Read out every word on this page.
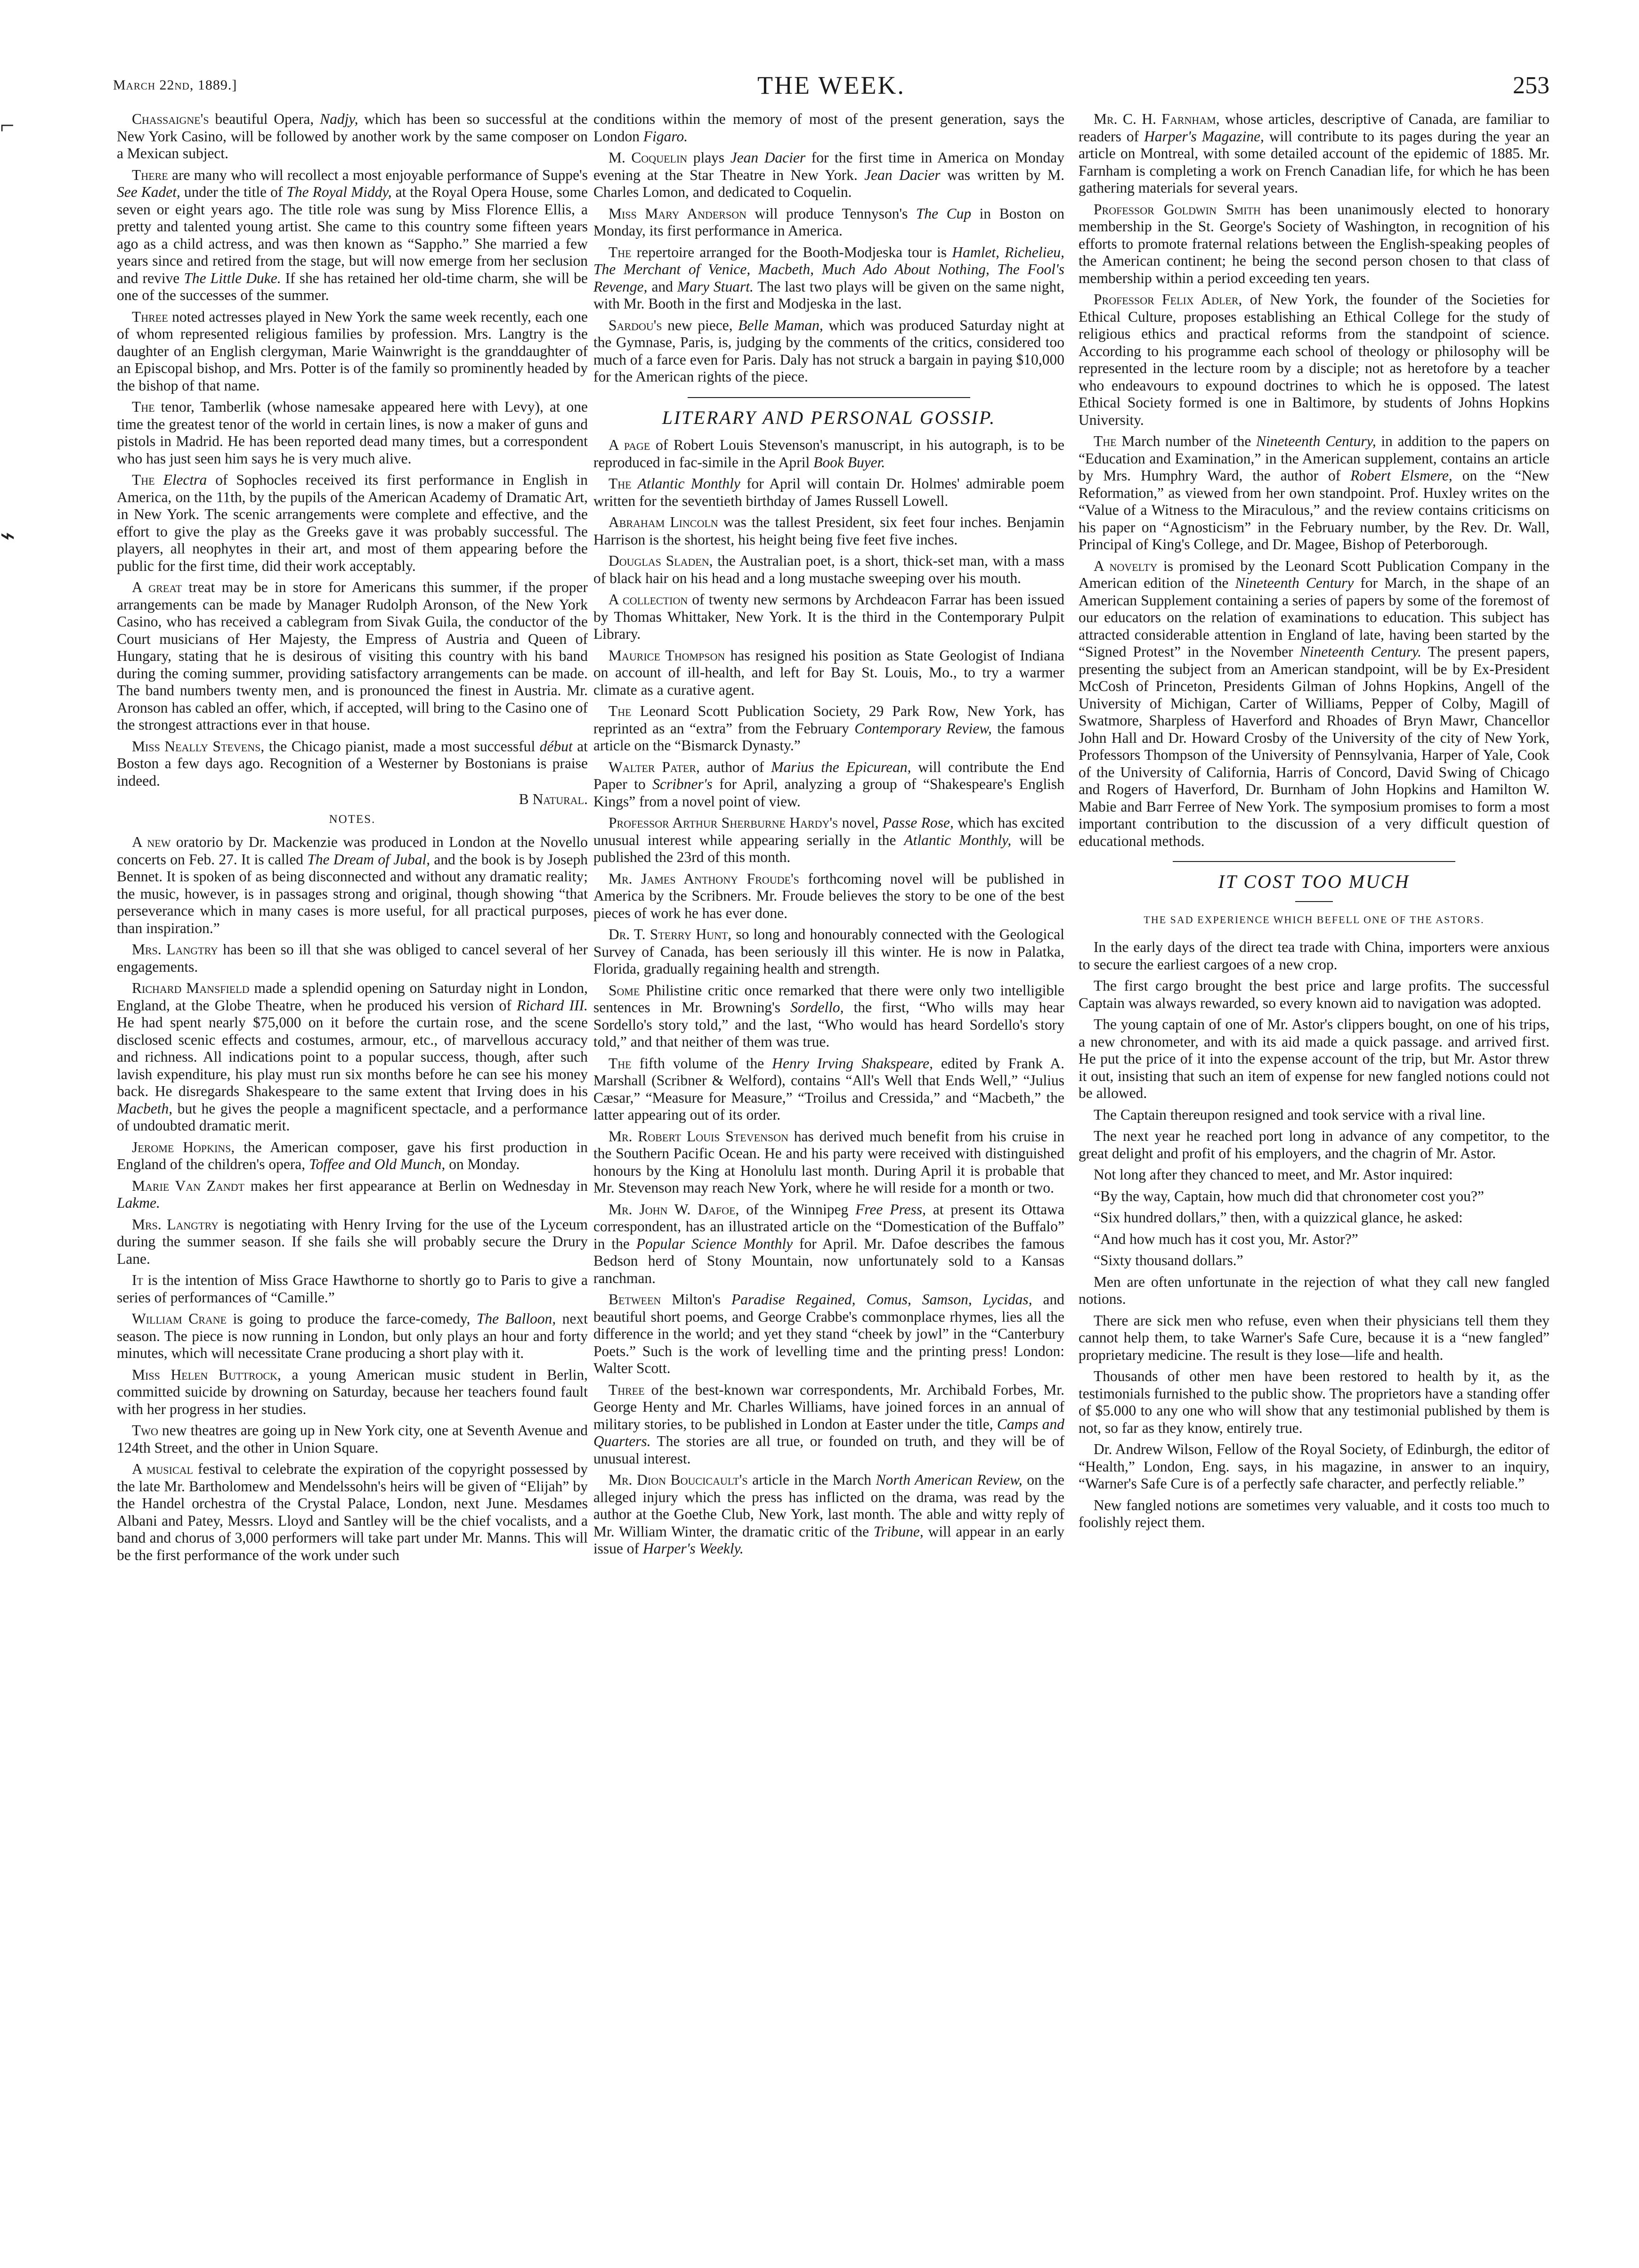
March 22nd, 1889.]	THE WEEK.	253
⌐
⌁

Chassaigne's beautiful Opera, Nadjy, which has been so successful at the New York Casino, will be followed by another work by the same composer on a Mexican subject.

There are many who will recollect a most enjoyable performance of Suppe's See Kadet, under the title of The Royal Middy, at the Royal Opera House, some seven or eight years ago. The title role was sung by Miss Florence Ellis, a pretty and talented young artist. She came to this country some fifteen years ago as a child actress, and was then known as “Sappho.” She married a few years since and retired from the stage, but will now emerge from her seclusion and revive The Little Duke. If she has retained her old-time charm, she will be one of the successes of the summer.

Three noted actresses played in New York the same week recently, each one of whom represented religious families by profession. Mrs. Langtry is the daughter of an English clergyman, Marie Wainwright is the granddaughter of an Episcopal bishop, and Mrs. Potter is of the family so prominently headed by the bishop of that name.

The tenor, Tamberlik (whose namesake appeared here with Levy), at one time the greatest tenor of the world in certain lines, is now a maker of guns and pistols in Madrid. He has been reported dead many times, but a correspondent who has just seen him says he is very much alive.

The Electra of Sophocles received its first performance in English in America, on the 11th, by the pupils of the American Academy of Dramatic Art, in New York. The scenic arrangements were complete and effective, and the effort to give the play as the Greeks gave it was probably successful. The players, all neophytes in their art, and most of them appearing before the public for the first time, did their work acceptably.

A great treat may be in store for Americans this summer, if the proper arrangements can be made by Manager Rudolph Aronson, of the New York Casino, who has received a cablegram from Sivak Guila, the conductor of the Court musicians of Her Majesty, the Empress of Austria and Queen of Hungary, stating that he is desirous of visiting this country with his band during the coming summer, providing satisfactory arrangements can be made. The band numbers twenty men, and is pronounced the finest in Austria. Mr. Aronson has cabled an offer, which, if accepted, will bring to the Casino one of the strongest attractions ever in that house.

Miss Neally Stevens, the Chicago pianist, made a most successful début at Boston a few days ago. Recognition of a Westerner by Bostonians is praise indeed.

B Natural.
NOTES.

A new oratorio by Dr. Mackenzie was produced in London at the Novello concerts on Feb. 27. It is called The Dream of Jubal, and the book is by Joseph Bennet. It is spoken of as being disconnected and without any dramatic reality; the music, however, is in passages strong and original, though showing “that perseverance which in many cases is more useful, for all practical purposes, than inspiration.”

Mrs. Langtry has been so ill that she was obliged to cancel several of her engagements.

Richard Mansfield made a splendid opening on Saturday night in London, England, at the Globe Theatre, when he produced his version of Richard III. He had spent nearly $75,000 on it before the curtain rose, and the scene disclosed scenic effects and costumes, armour, etc., of marvellous accuracy and richness. All indications point to a popular success, though, after such lavish expenditure, his play must run six months before he can see his money back. He disregards Shakespeare to the same extent that Irving does in his Macbeth, but he gives the people a magnificent spectacle, and a performance of undoubted dramatic merit.

Jerome Hopkins, the American composer, gave his first production in England of the children's opera, Toffee and Old Munch, on Monday.

Marie Van Zandt makes her first appearance at Berlin on Wednesday in Lakme.

Mrs. Langtry is negotiating with Henry Irving for the use of the Lyceum during the summer season. If she fails she will probably secure the Drury Lane.

It is the intention of Miss Grace Hawthorne to shortly go to Paris to give a series of performances of “Camille.”

William Crane is going to produce the farce-comedy, The Balloon, next season. The piece is now running in London, but only plays an hour and forty minutes, which will necessitate Crane producing a short play with it.

Miss Helen Buttrock, a young American music student in Berlin, committed suicide by drowning on Saturday, because her teachers found fault with her progress in her studies.

Two new theatres are going up in New York city, one at Seventh Avenue and 124th Street, and the other in Union Square.

A musical festival to celebrate the expiration of the copyright possessed by the late Mr. Bartholomew and Mendelssohn's heirs will be given of “Elijah” by the Handel orchestra of the Crystal Palace, London, next June. Mesdames Albani and Patey, Messrs. Lloyd and Santley will be the chief vocalists, and a band and chorus of 3,000 performers will take part under Mr. Manns. This will be the first performance of the work under such

conditions within the memory of most of the present generation, says the London Figaro.

M. Coquelin plays Jean Dacier for the first time in America on Monday evening at the Star Theatre in New York. Jean Dacier was written by M. Charles Lomon, and dedicated to Coquelin.

Miss Mary Anderson will produce Tennyson's The Cup in Boston on Monday, its first performance in America.

The repertoire arranged for the Booth-Modjeska tour is Hamlet, Richelieu, The Merchant of Venice, Macbeth, Much Ado About Nothing, The Fool's Revenge, and Mary Stuart. The last two plays will be given on the same night, with Mr. Booth in the first and Modjeska in the last.

Sardou's new piece, Belle Maman, which was produced Saturday night at the Gymnase, Paris, is, judging by the comments of the critics, considered too much of a farce even for Paris. Daly has not struck a bargain in paying $10,000 for the American rights of the piece.

LITERARY AND PERSONAL GOSSIP.

A page of Robert Louis Stevenson's manuscript, in his autograph, is to be reproduced in fac-simile in the April Book Buyer.

The Atlantic Monthly for April will contain Dr. Holmes' admirable poem written for the seventieth birthday of James Russell Lowell.

Abraham Lincoln was the tallest President, six feet four inches. Benjamin Harrison is the shortest, his height being five feet five inches.

Douglas Sladen, the Australian poet, is a short, thick-set man, with a mass of black hair on his head and a long mustache sweeping over his mouth.

A collection of twenty new sermons by Archdeacon Farrar has been issued by Thomas Whittaker, New York. It is the third in the Contemporary Pulpit Library.

Maurice Thompson has resigned his position as State Geologist of Indiana on account of ill-health, and left for Bay St. Louis, Mo., to try a warmer climate as a curative agent.

The Leonard Scott Publication Society, 29 Park Row, New York, has reprinted as an “extra” from the February Contemporary Review, the famous article on the “Bismarck Dynasty.”

Walter Pater, author of Marius the Epicurean, will contribute the End Paper to Scribner's for April, analyzing a group of “Shakespeare's English Kings” from a novel point of view.

Professor Arthur Sherburne Hardy's novel, Passe Rose, which has excited unusual interest while appearing serially in the Atlantic Monthly, will be published the 23rd of this month.

Mr. James Anthony Froude's forthcoming novel will be published in America by the Scribners. Mr. Froude believes the story to be one of the best pieces of work he has ever done.

Dr. T. Sterry Hunt, so long and honourably connected with the Geological Survey of Canada, has been seriously ill this winter. He is now in Palatka, Florida, gradually regaining health and strength.

Some Philistine critic once remarked that there were only two intelligible sentences in Mr. Browning's Sordello, the first, “Who wills may hear Sordello's story told,” and the last, “Who would has heard Sordello's story told,” and that neither of them was true.

The fifth volume of the Henry Irving Shakspeare, edited by Frank A. Marshall (Scribner & Welford), contains “All's Well that Ends Well,” “Julius Cæsar,” “Measure for Measure,” “Troilus and Cressida,” and “Macbeth,” the latter appearing out of its order.

Mr. Robert Louis Stevenson has derived much benefit from his cruise in the Southern Pacific Ocean. He and his party were received with distinguished honours by the King at Honolulu last month. During April it is probable that Mr. Stevenson may reach New York, where he will reside for a month or two.

Mr. John W. Dafoe, of the Winnipeg Free Press, at present its Ottawa correspondent, has an illustrated article on the “Domestication of the Buffalo” in the Popular Science Monthly for April. Mr. Dafoe describes the famous Bedson herd of Stony Mountain, now unfortunately sold to a Kansas ranchman.

Between Milton's Paradise Regained, Comus, Samson, Lycidas, and beautiful short poems, and George Crabbe's commonplace rhymes, lies all the difference in the world; and yet they stand “cheek by jowl” in the “Canterbury Poets.” Such is the work of levelling time and the printing press! London: Walter Scott.

Three of the best-known war correspondents, Mr. Archibald Forbes, Mr. George Henty and Mr. Charles Williams, have joined forces in an annual of military stories, to be published in London at Easter under the title, Camps and Quarters. The stories are all true, or founded on truth, and they will be of unusual interest.

Mr. Dion Boucicault's article in the March North American Review, on the alleged injury which the press has inflicted on the drama, was read by the author at the Goethe Club, New York, last month. The able and witty reply of Mr. William Winter, the dramatic critic of the Tribune, will appear in an early issue of Harper's Weekly.

Mr. C. H. Farnham, whose articles, descriptive of Canada, are familiar to readers of Harper's Magazine, will contribute to its pages during the year an article on Montreal, with some detailed account of the epidemic of 1885. Mr. Farnham is completing a work on French Canadian life, for which he has been gathering materials for several years.

Professor Goldwin Smith has been unanimously elected to honorary membership in the St. George's Society of Washington, in recognition of his efforts to promote fraternal relations between the English-speaking peoples of the American continent; he being the second person chosen to that class of membership within a period exceeding ten years.

Professor Felix Adler, of New York, the founder of the Societies for Ethical Culture, proposes establishing an Ethical College for the study of religious ethics and practical reforms from the standpoint of science. According to his programme each school of theology or philosophy will be represented in the lecture room by a disciple; not as heretofore by a teacher who endeavours to expound doctrines to which he is opposed. The latest Ethical Society formed is one in Baltimore, by students of Johns Hopkins University.

The March number of the Nineteenth Century, in addition to the papers on “Education and Examination,” in the American supplement, contains an article by Mrs. Humphry Ward, the author of Robert Elsmere, on the “New Reformation,” as viewed from her own standpoint. Prof. Huxley writes on the “Value of a Witness to the Miraculous,” and the review contains criticisms on his paper on “Agnosticism” in the February number, by the Rev. Dr. Wall, Principal of King's College, and Dr. Magee, Bishop of Peterborough.

A novelty is promised by the Leonard Scott Publication Company in the American edition of the Nineteenth Century for March, in the shape of an American Supplement containing a series of papers by some of the foremost of our educators on the relation of examinations to education. This subject has attracted considerable attention in England of late, having been started by the “Signed Protest” in the November Nineteenth Century. The present papers, presenting the subject from an American standpoint, will be by Ex-President McCosh of Princeton, Presidents Gilman of Johns Hopkins, Angell of the University of Michigan, Carter of Williams, Pepper of Colby, Magill of Swatmore, Sharpless of Haverford and Rhoades of Bryn Mawr, Chancellor John Hall and Dr. Howard Crosby of the University of the city of New York, Professors Thompson of the University of Pennsylvania, Harper of Yale, Cook of the University of California, Harris of Concord, David Swing of Chicago and Rogers of Haverford, Dr. Burnham of John Hopkins and Hamilton W. Mabie and Barr Ferree of New York. The symposium promises to form a most important contribution to the discussion of a very difficult question of educational methods.

IT COST TOO MUCH
THE SAD EXPERIENCE WHICH BEFELL ONE OF THE ASTORS.

In the early days of the direct tea trade with China, importers were anxious to secure the earliest cargoes of a new crop.

The first cargo brought the best price and large profits. The successful Captain was always rewarded, so every known aid to navigation was adopted.

The young captain of one of Mr. Astor's clippers bought, on one of his trips, a new chronometer, and with its aid made a quick passage. and arrived first. He put the price of it into the expense account of the trip, but Mr. Astor threw it out, insisting that such an item of expense for new fangled notions could not be allowed.

The Captain thereupon resigned and took service with a rival line.

The next year he reached port long in advance of any competitor, to the great delight and profit of his employers, and the chagrin of Mr. Astor.

Not long after they chanced to meet, and Mr. Astor inquired:

“By the way, Captain, how much did that chronometer cost you?”

“Six hundred dollars,” then, with a quizzical glance, he asked:

“And how much has it cost you, Mr. Astor?”

“Sixty thousand dollars.”

Men are often unfortunate in the rejection of what they call new fangled notions.

There are sick men who refuse, even when their physicians tell them they cannot help them, to take Warner's Safe Cure, because it is a “new fangled” proprietary medicine. The result is they lose—life and health.

Thousands of other men have been restored to health by it, as the testimonials furnished to the public show. The proprietors have a standing offer of $5.000 to any one who will show that any testimonial published by them is not, so far as they know, entirely true.

Dr. Andrew Wilson, Fellow of the Royal Society, of Edinburgh, the editor of “Health,” London, Eng. says, in his magazine, in answer to an inquiry, “Warner's Safe Cure is of a perfectly safe character, and perfectly reliable.”

New fangled notions are sometimes very valuable, and it costs too much to foolishly reject them.
